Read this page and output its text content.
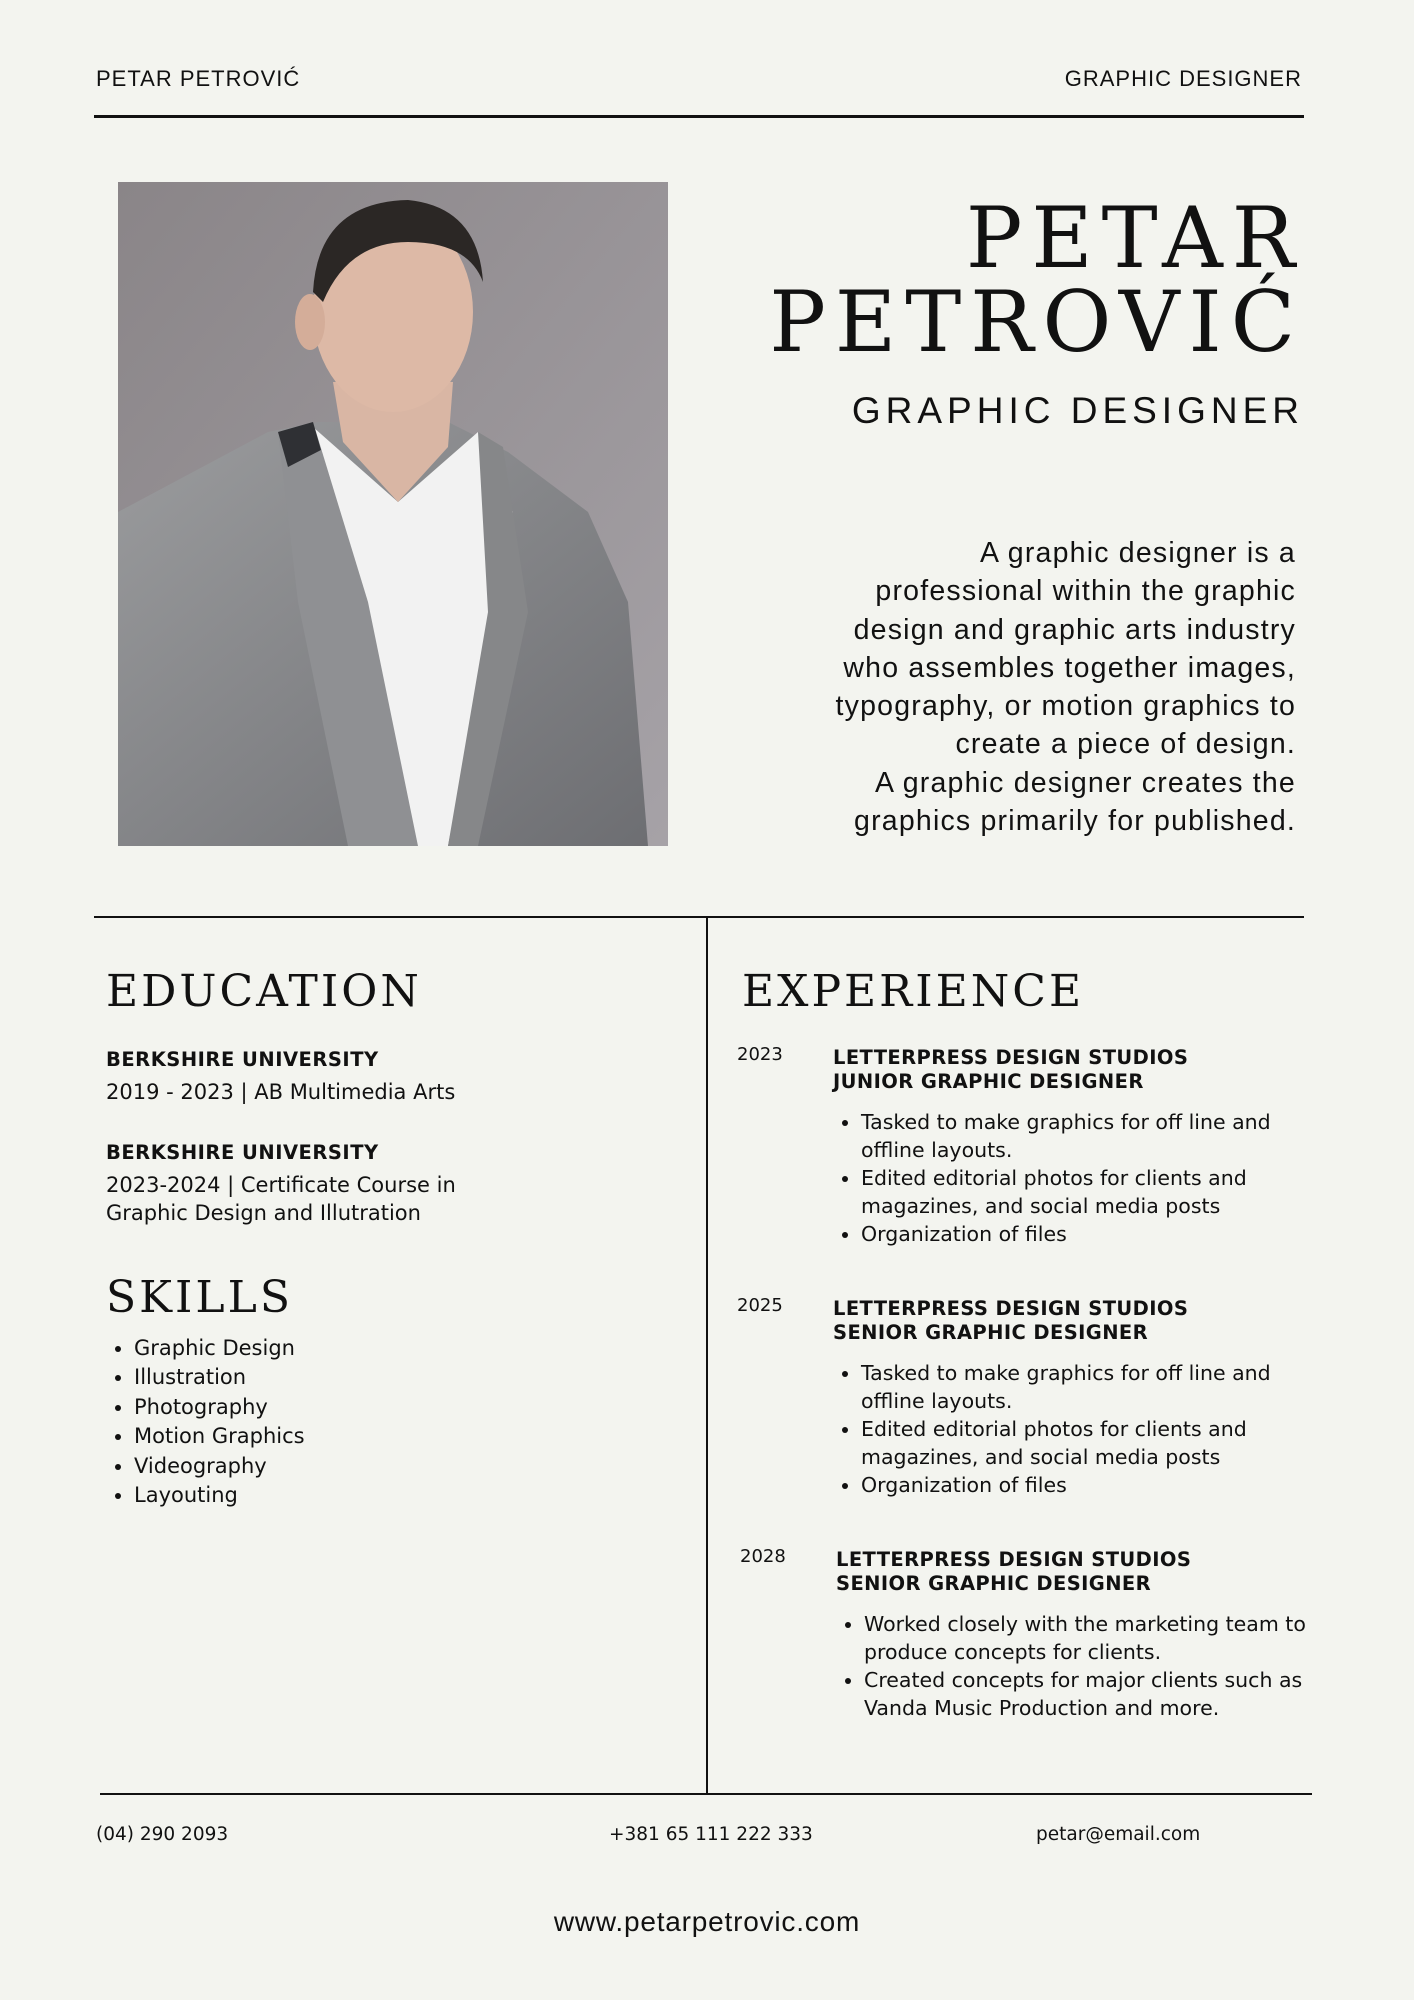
PETAR PETROVIĆ	GRAPHIC DESIGNER
PETAR
PETROVIĆ
GRAPHIC DESIGNER

A graphic designer is a

professional within the graphic

design and graphic arts industry

who assembles together images,

typography, or motion graphics to

create a piece of design.

A graphic designer creates the

graphics primarily for published.

EDUCATION
BERKSHIRE UNIVERSITY
2019 - 2023 | AB Multimedia Arts
BERKSHIRE UNIVERSITY
2023-2024 | Certificate Course in Graphic Design and Illutration
SKILLS
• Graphic Design
• Illustration
• Photography
• Motion Graphics
• Videography
• Layouting
EXPERIENCE
2023	LETTERPRESS DESIGN STUDIOS
JUNIOR GRAPHIC DESIGNER
• Tasked to make graphics for off line and offline layouts.
• Edited editorial photos for clients and magazines, and social media posts
• Organization of files
2025	LETTERPRESS DESIGN STUDIOS
SENIOR GRAPHIC DESIGNER
• Tasked to make graphics for off line and offline layouts.
• Edited editorial photos for clients and magazines, and social media posts
• Organization of files
2028	LETTERPRESS DESIGN STUDIOS
SENIOR GRAPHIC DESIGNER
• Worked closely with the marketing team to produce concepts for clients.
• Created concepts for major clients such as Vanda Music Production and more.
(04) 290 2093	+381 65 111 222 333	petar@email.com
www.petarpetrovic.com
